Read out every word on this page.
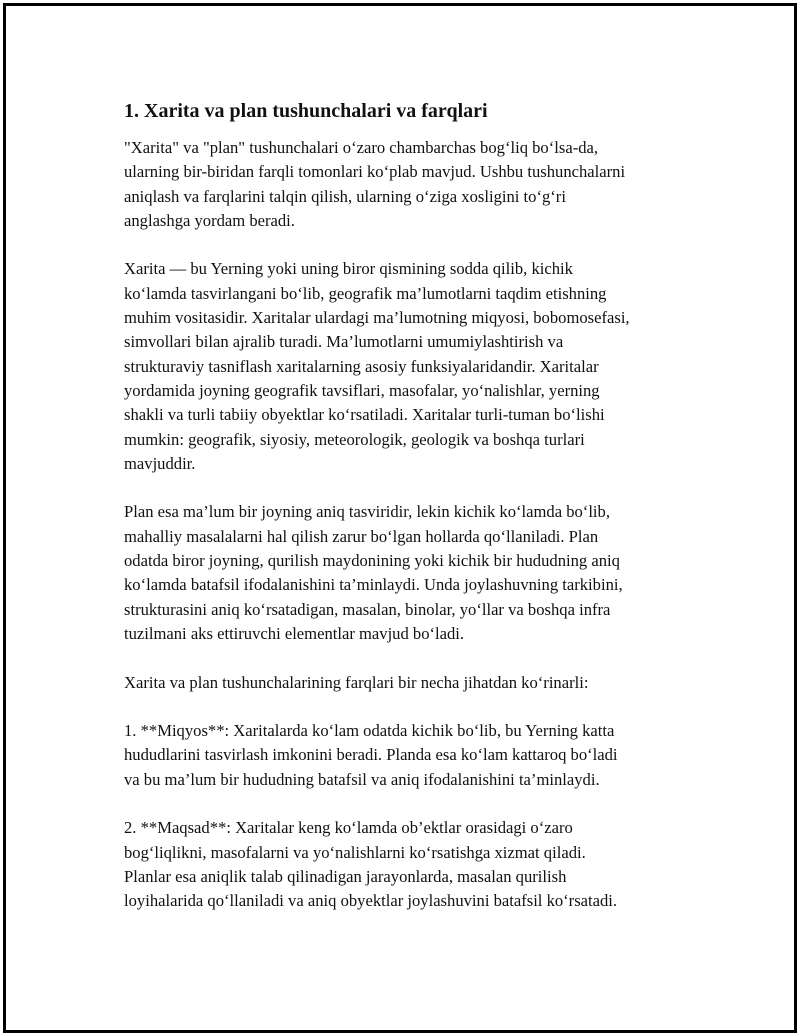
1. Xarita va plan tushunchalari va farqlari

"Xarita" va "plan" tushunchalari o‘zaro chambarchas bog‘liq bo‘lsa-da,
ularning bir-biridan farqli tomonlari ko‘plab mavjud. Ushbu tushunchalarni
aniqlash va farqlarini talqin qilish, ularning o‘ziga xosligini to‘g‘ri
anglashga yordam beradi.

Xarita — bu Yerning yoki uning biror qismining sodda qilib, kichik
ko‘lamda tasvirlangani bo‘lib, geografik ma’lumotlarni taqdim etishning
muhim vositasidir. Xaritalar ulardagi ma’lumotning miqyosi, bobomosefasi,
simvollari bilan ajralib turadi. Ma’lumotlarni umumiylashtirish va
strukturaviy tasniflash xaritalarning asosiy funksiyalaridandir. Xaritalar
yordamida joyning geografik tavsiflari, masofalar, yo‘nalishlar, yerning
shakli va turli tabiiy obyektlar ko‘rsatiladi. Xaritalar turli-tuman bo‘lishi
mumkin: geografik, siyosiy, meteorologik, geologik va boshqa turlari
mavjuddir.

Plan esa ma’lum bir joyning aniq tasviridir, lekin kichik ko‘lamda bo‘lib,
mahalliy masalalarni hal qilish zarur bo‘lgan hollarda qo‘llaniladi. Plan
odatda biror joyning, qurilish maydonining yoki kichik bir hududning aniq
ko‘lamda batafsil ifodalanishini ta’minlaydi. Unda joylashuvning tarkibini,
strukturasini aniq ko‘rsatadigan, masalan, binolar, yo‘llar va boshqa infra
tuzilmani aks ettiruvchi elementlar mavjud bo‘ladi.

Xarita va plan tushunchalarining farqlari bir necha jihatdan ko‘rinarli:

1. **Miqyos**: Xaritalarda ko‘lam odatda kichik bo‘lib, bu Yerning katta
hududlarini tasvirlash imkonini beradi. Planda esa ko‘lam kattaroq bo‘ladi
va bu ma’lum bir hududning batafsil va aniq ifodalanishini ta’minlaydi.

2. **Maqsad**: Xaritalar keng ko‘lamda ob’ektlar orasidagi o‘zaro
bog‘liqlikni, masofalarni va yo‘nalishlarni ko‘rsatishga xizmat qiladi.
Planlar esa aniqlik talab qilinadigan jarayonlarda, masalan qurilish
loyihalarida qo‘llaniladi va aniq obyektlar joylashuvini batafsil ko‘rsatadi.
